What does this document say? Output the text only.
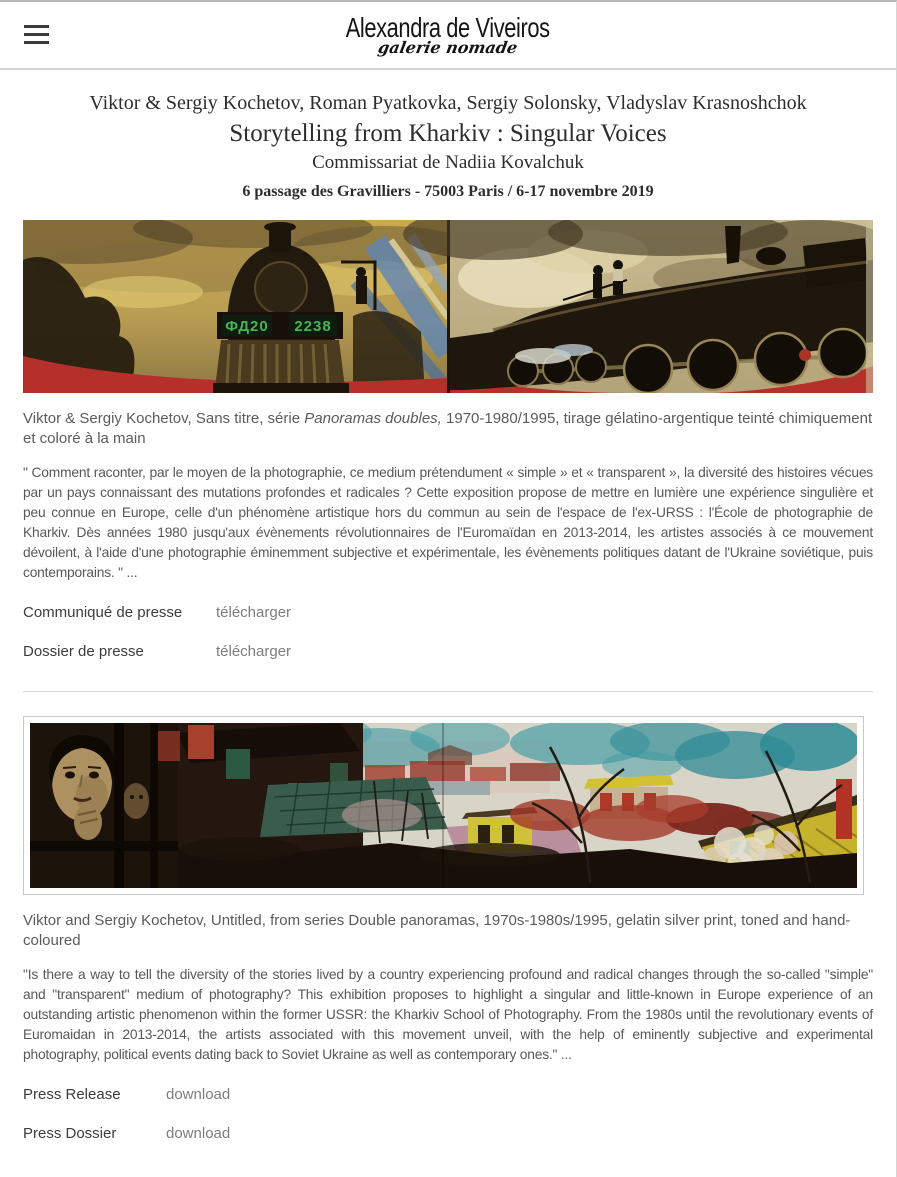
Alexandra de Viveiros
galerie nomade
Viktor & Sergiy Kochetov, Roman Pyatkovka, Sergiy Solonsky, Vladyslav Krasnoshchok
Storytelling from Kharkiv : Singular Voices
Commissariat de Nadiia Kovalchuk
6 passage des Gravilliers - 75003 Paris / 6-17 novembre 2019
ФД20 2238

Viktor & Sergiy Kochetov, Sans titre, série Panoramas doubles, 1970-1980/1995, tirage gélatino-argentique teinté chimiquement et coloré à la main

" Comment raconter, par le moyen de la photographie, ce medium prétendument « simple » et « transparent », la diversité des histoires vécues par un pays connaissant des mutations profondes et radicales ? Cette exposition propose de mettre en lumière une expérience singulière et peu connue en Europe, celle d'un phénomène artistique hors du commun au sein de l'espace de l'ex-URSS : l'École de photographie de Kharkiv. Dès années 1980 jusqu'aux évènements révolutionnaires de l'Euromaïdan en 2013-2014, les artistes associés à ce mouvement dévoilent, à l'aide d'une photographie éminemment subjective et expérimentale, les évènements politiques datant de l'Ukraine soviétique, puis contemporains. " ...

Communiqué de presse	télécharger
Dossier de presse	télécharger

Viktor and Sergiy Kochetov, Untitled, from series Double panoramas, 1970s-1980s/1995, gelatin silver print, toned and hand-coloured

"Is there a way to tell the diversity of the stories lived by a country experiencing profound and radical changes through the so-called "simple" and "transparent" medium of photography? This exhibition proposes to highlight a singular and little-known in Europe experience of an outstanding artistic phenomenon within the former USSR: the Kharkiv School of Photography. From the 1980s until the revolutionary events of Euromaidan in 2013-2014, the artists associated with this movement unveil, with the help of eminently subjective and experimental photography, political events dating back to Soviet Ukraine as well as contemporary ones." ...

Press Release	download
Press Dossier	download
